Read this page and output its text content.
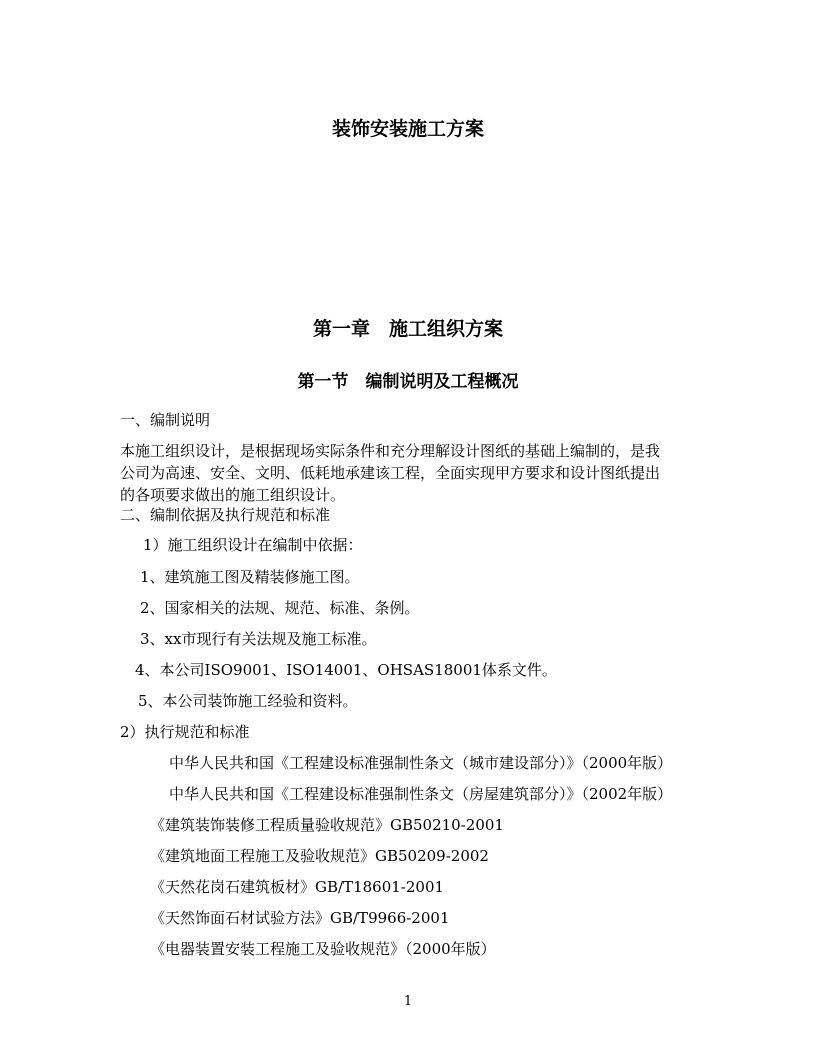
装饰安装施工方案
第一章　施工组织方案
第一节　编制说明及工程概况
一、编制说明
本施工组织设计，是根据现场实际条件和充分理解设计图纸的基础上编制的，是我
公司为高速、安全、文明、低耗地承建该工程，全面实现甲方要求和设计图纸提出
的各项要求做出的施工组织设计。
二、编制依据及执行规范和标准
1）施工组织设计在编制中依据：
1、建筑施工图及精装修施工图。
2、国家相关的法规、规范、标准、条例。
3、xx市现行有关法规及施工标准。
4、本公司ISO9001、ISO14001、OHSAS18001体系文件。
5、本公司装饰施工经验和资料。
2）执行规范和标准
中华人民共和国《工程建设标准强制性条文（城市建设部分）》（2000年版）
中华人民共和国《工程建设标准强制性条文（房屋建筑部分）》（2002年版）
《建筑装饰装修工程质量验收规范》GB50210-2001
《建筑地面工程施工及验收规范》GB50209-2002
《天然花岗石建筑板材》GB/T18601-2001
《天然饰面石材试验方法》GB/T9966-2001
《电器装置安装工程施工及验收规范》（2000年版）
1
